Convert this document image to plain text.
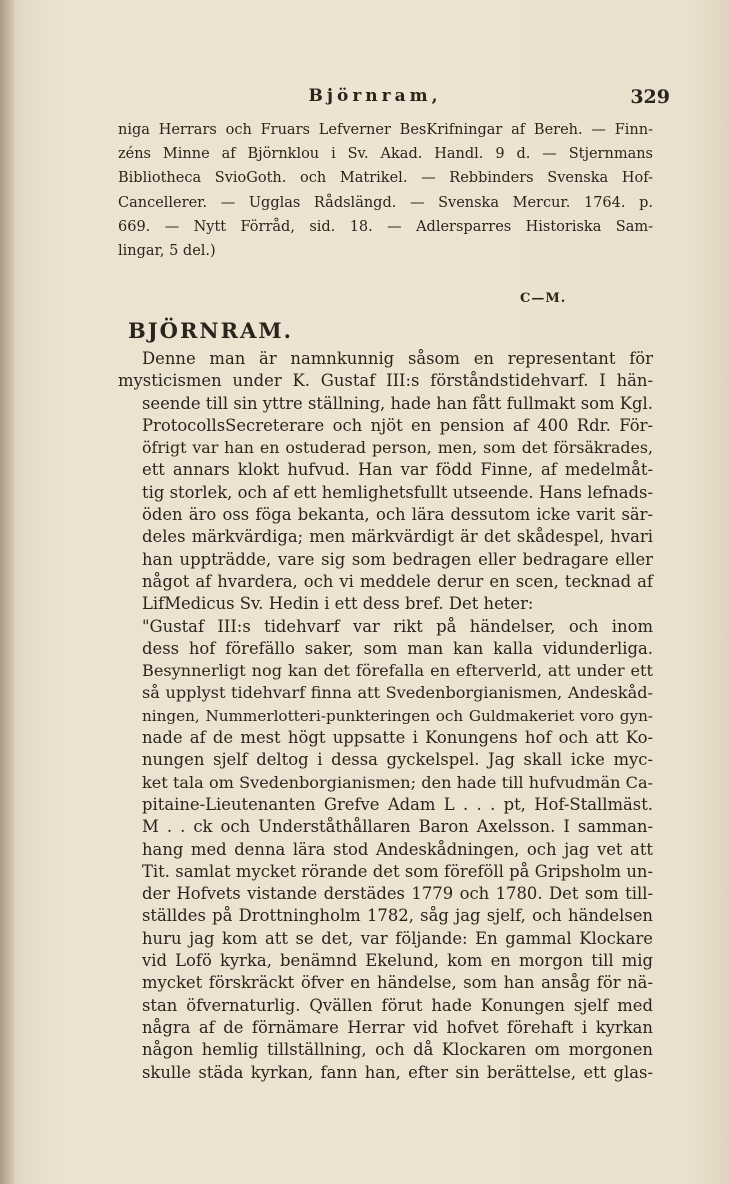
Björnram,	329
niga Herrars och Fruars Lefverner BesKrifningar af Bereh. — Finn-
zéns Minne af Björnklou i Sv. Akad. Handl. 9 d. — Stjernmans
Bibliotheca SvioGoth. och Matrikel. — Rebbinders Svenska Hof-
Cancellerer. — Ugglas Rådslängd. — Svenska Mercur. 1764. p.
669. — Nytt Förråd, sid. 18. — Adlersparres Historiska Sam-
lingar, 5 del.)
C—M.
BJÖRNRAM.

Denne man är namnkunnig såsom en representant för
mysticismen under K. Gustaf III:s förståndstidehvarf. I hän-
seende till sin yttre ställning, hade han fått fullmakt som Kgl.
ProtocollsSecreterare och njöt en pension af 400 Rdr. För-
öfrigt var han en ostuderad person, men, som det försäkrades,
ett annars klokt hufvud. Han var född Finne, af medelmåt-
tig storlek, och af ett hemlighetsfullt utseende. Hans lefnads-
öden äro oss föga bekanta, och lära dessutom icke varit sär-
deles märkvärdiga; men märkvärdigt är det skådespel, hvari
han uppträdde, vare sig som bedragen eller bedragare eller
något af hvardera, och vi meddele derur en scen, tecknad af
LifMedicus Sv. Hedin i ett dess bref. Det heter:

"Gustaf III:s tidehvarf var rikt på händelser, och inom
dess hof förefällo saker, som man kan kalla vidunderliga.
Besynnerligt nog kan det förefalla en efterverld, att under ett
så upplyst tidehvarf finna att Svedenborgianismen, Andeskåd-
ningen, Nummerlotteri-punkteringen och Guldmakeriet voro gyn-
nade af de mest högt uppsatte i Konungens hof och att Ko-
nungen sjelf deltog i dessa gyckelspel. Jag skall icke myc-
ket tala om Svedenborgianismen; den hade till hufvudmän Ca-
pitaine-Lieutenanten Grefve Adam L . . . pt, Hof-Stallmäst.
M . . ck och Underståthållaren Baron Axelsson. I samman-
hang med denna lära stod Andeskådningen, och jag vet att
Tit. samlat mycket rörande det som föreföll på Gripsholm un-
der Hofvets vistande derstädes 1779 och 1780. Det som till-
ställdes på Drottningholm 1782, såg jag sjelf, och händelsen
huru jag kom att se det, var följande: En gammal Klockare
vid Lofö kyrka, benämnd Ekelund, kom en morgon till mig
mycket förskräckt öfver en händelse, som han ansåg för nä-
stan öfvernaturlig. Qvällen förut hade Konungen sjelf med
några af de förnämare Herrar vid hofvet förehaft i kyrkan
någon hemlig tillställning, och då Klockaren om morgonen
skulle städa kyrkan, fann han, efter sin berättelse, ett glas-
